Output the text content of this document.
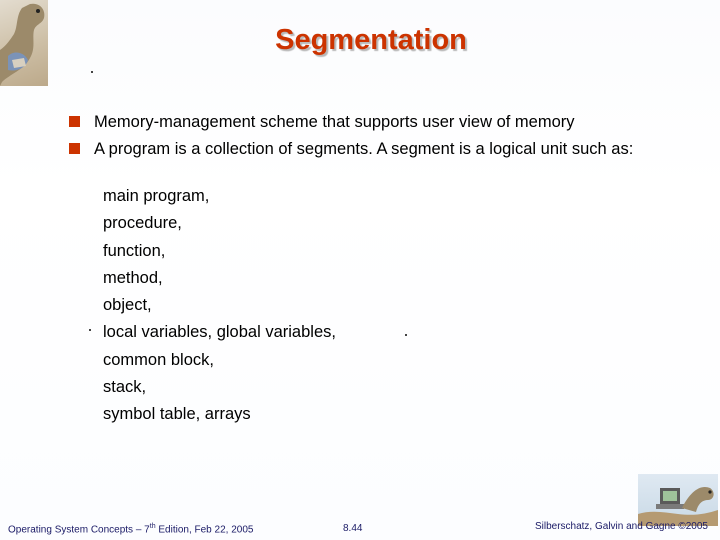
Segmentation
Memory-management scheme that supports user view of memory
A program is a collection of segments. A segment is a logical unit such as:
main program,
procedure,
function,
method,
object,
local variables, global variables,
common block,
stack,
symbol table, arrays
Operating System Concepts – 7th Edition, Feb 22, 2005	8.44	Silberschatz, Galvin and Gagne ©2005
